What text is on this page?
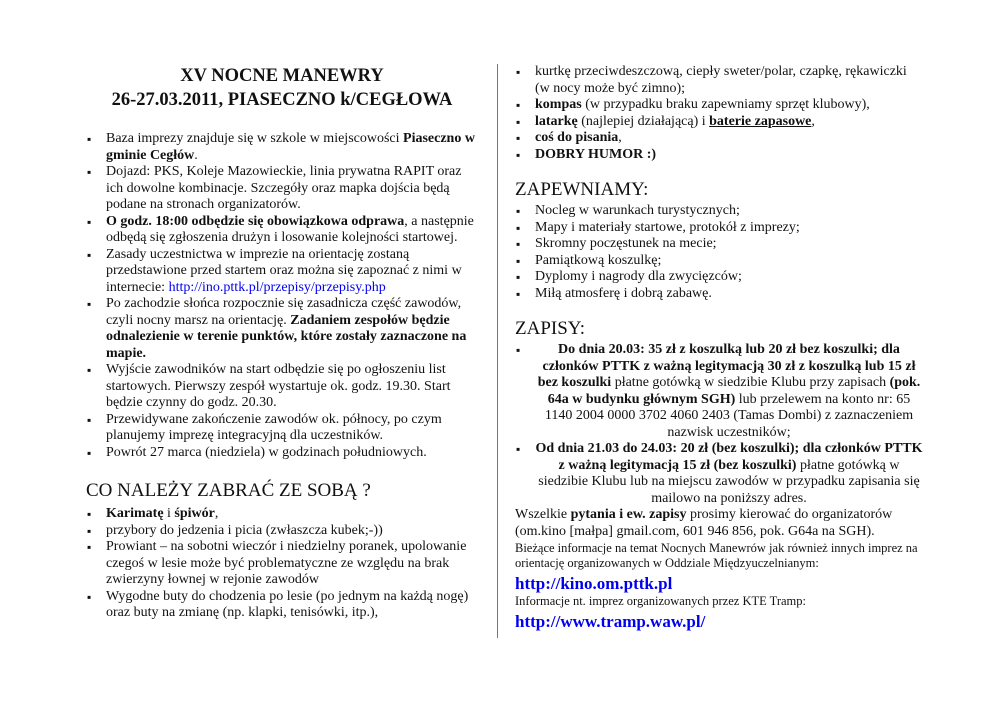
XV NOCNE MANEWRY

26-27.03.2011, PIASECZNO k/CEGŁOWA

▪ Baza imprezy znajduje się w szkole w miejscowości Piaseczno w gminie Cegłów.
▪ Dojazd: PKS, Koleje Mazowieckie, linia prywatna RAPIT oraz ich dowolne kombinacje. Szczegóły oraz mapka dojścia będą podane na stronach organizatorów.
▪ O godz. 18:00 odbędzie się obowiązkowa odprawa, a następnie odbędą się zgłoszenia drużyn i losowanie kolejności startowej.
▪ Zasady uczestnictwa w imprezie na orientację zostaną przedstawione przed startem oraz można się zapoznać z nimi w internecie: http://ino.pttk.pl/przepisy/przepisy.php
▪ Po zachodzie słońca rozpocznie się zasadnicza część zawodów, czyli nocny marsz na orientację. Zadaniem zespołów będzie odnalezienie w terenie punktów, które zostały zaznaczone na mapie.
▪ Wyjście zawodników na start odbędzie się po ogłoszeniu list startowych. Pierwszy zespół wystartuje ok. godz. 19.30. Start będzie czynny do godz. 20.30.
▪ Przewidywane zakończenie zawodów ok. północy, po czym planujemy imprezę integracyjną dla uczestników.
▪ Powrót 27 marca (niedziela) w godzinach południowych.
CO NALEŻY ZABRAĆ ZE SOBĄ ?
▪ Karimatę i śpiwór,
▪ przybory do jedzenia i picia (zwłaszcza kubek;-))
▪ Prowiant – na sobotni wieczór i niedzielny poranek, upolowanie czegoś w lesie może być problematyczne ze względu na brak zwierzyny łownej w rejonie zawodów
▪ Wygodne buty do chodzenia po lesie (po jednym na każdą nogę) oraz buty na zmianę (np. klapki, tenisówki, itp.),
▪ kurtkę przeciwdeszczową, ciepły sweter/polar, czapkę, rękawiczki (w nocy może być zimno);
▪ kompas (w przypadku braku zapewniamy sprzęt klubowy),
▪ latarkę (najlepiej działającą) i baterie zapasowe,
▪ coś do pisania,
▪ DOBRY HUMOR :)
ZAPEWNIAMY:
▪ Nocleg w warunkach turystycznych;
▪ Mapy i materiały startowe, protokół z imprezy;
▪ Skromny poczęstunek na mecie;
▪ Pamiątkową koszulkę;
▪ Dyplomy i nagrody dla zwycięzców;
▪ Miłą atmosferę i dobrą zabawę.
ZAPISY:
▪ Do dnia 20.03: 35 zł z koszulką lub 20 zł bez koszulki; dla członków PTTK z ważną legitymacją 30 zł z koszulką lub 15 zł bez koszulki płatne gotówką w siedzibie Klubu przy zapisach (pok. 64a w budynku głównym SGH) lub przelewem na konto nr: 65 1140 2004 0000 3702 4060 2403 (Tamas Dombi) z zaznaczeniem nazwisk uczestników;
▪ Od dnia 21.03 do 24.03: 20 zł (bez koszulki); dla członków PTTK z ważną legitymacją 15 zł (bez koszulki) płatne gotówką w siedzibie Klubu lub na miejscu zawodów w przypadku zapisania się mailowo na poniższy adres.

Wszelkie pytania i ew. zapisy prosimy kierować do organizatorów (om.kino [małpa] gmail.com, 601 946 856, pok. G64a na SGH).

Bieżące informacje na temat Nocnych Manewrów jak również innych imprez na orientację organizowanych w Oddziale Międzyuczelnianym:

http://kino.om.pttk.pl

Informacje nt. imprez organizowanych przez KTE Tramp:

http://www.tramp.waw.pl/
